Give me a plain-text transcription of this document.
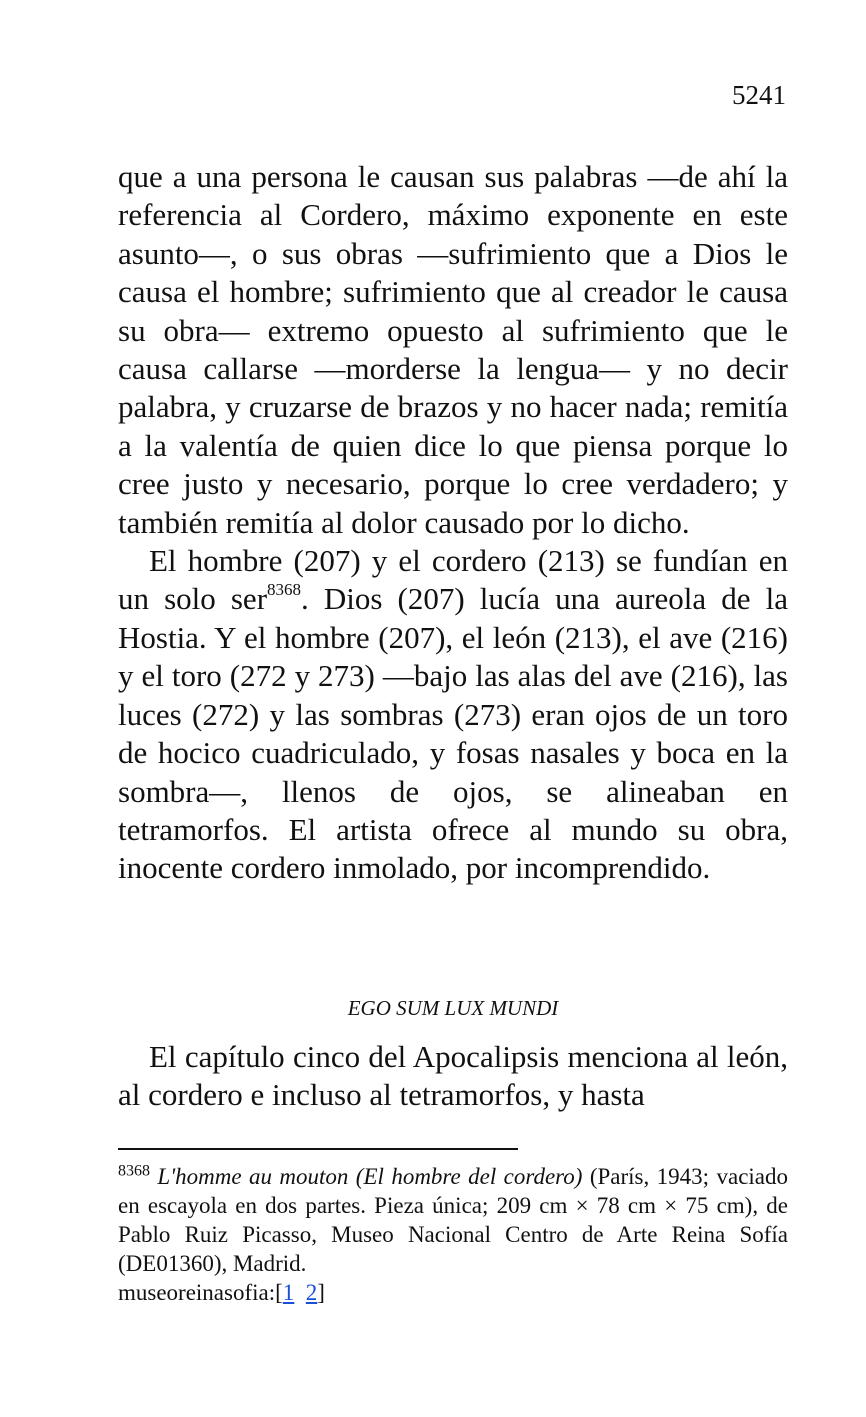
5241

que a una persona le causan sus palabras —de ahí la referencia al Cordero, máximo exponente en este asunto—, o sus obras —sufrimiento que a Dios le causa el hombre; sufrimiento que al creador le causa su obra— extremo opuesto al sufrimiento que le causa callarse —morderse la lengua— y no decir palabra, y cruzarse de brazos y no hacer nada; remitía a la valentía de quien dice lo que piensa porque lo cree justo y necesario, porque lo cree verdadero; y también remitía al dolor causado por lo dicho.

El hombre (207) y el cordero (213) se fundían en un solo ser$^{8368}$. Dios (207) lucía una aureola de la Hostia. Y el hombre (207), el león (213), el ave (216) y el toro (272 y 273) —bajo las alas del ave (216), las luces (272) y las sombras (273) eran ojos de un toro de hocico cuadriculado, y fosas nasales y boca en la sombra—, llenos de ojos, se alineaban en tetramorfos. El artista ofrece al mundo su obra, inocente cordero inmolado, por incomprendido.

EGO SUM LUX MUNDI

El capítulo cinco del Apocalipsis menciona al león, al cordero e incluso al tetramorfos, y hasta

$^{8368}$ L'homme au mouton (El hombre del cordero) (París, 1943; vaciado en escayola en dos partes. Pieza única; 209 cm × 78 cm × 75 cm), de Pablo Ruiz Picasso, Museo Nacional Centro de Arte Reina Sofía (DE01360), Madrid.

museoreinasofia:[1 2]
